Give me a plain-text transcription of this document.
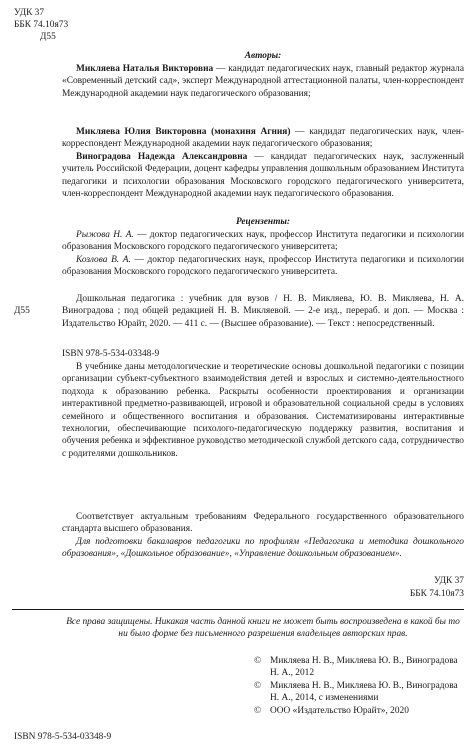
УДК 37
ББК 74.10я73
Д55
Авторы:
Микляева Наталья Викторовна — кандидат педагогических наук, главный редактор журнала «Современный детский сад», эксперт Международной аттестационной палаты, член-корреспондент Международной академии наук педагогического образования;
Микляева Юлия Викторовна (монахиня Агния) — кандидат педагогических наук, член-корреспондент Международной академии наук педагогического образования;
Виноградова Надежда Александровна — кандидат педагогических наук, заслуженный учитель Российской Федерации, доцент кафедры управления дошкольным образованием Института педагогики и психологии образования Московского городского педагогического университета, член-корреспондент Международной академии наук педагогического образования.
Рецензенты:
Рыжова Н. А. — доктор педагогических наук, профессор Института педагогики и психологии образования Московского городского педагогического университета;
Козлова В. А. — доктор педагогических наук, профессор Института педагогики и психологии образования Московского городского педагогического университета.
Д55
Дошкольная педагогика : учебник для вузов / Н. В. Микляева, Ю. В. Микляева, Н. А. Виноградова ; под общей редакцией Н. В. Микляевой. — 2-е изд., перераб. и доп. — Москва : Издательство Юрайт, 2020. — 411 с. — (Высшее образование). — Текст : непосредственный.
ISBN 978-5-534-03348-9
В учебнике даны методологические и теоретические основы дошкольной педагогики с позиции организации субъект-субъектного взаимодействия детей и взрослых и системно-деятельностного подхода к образованию ребенка. Раскрыты особенности проектирования и организации интерактивной предметно-развивающей, игровой и образовательной социальной среды в условиях семейного и общественного воспитания и образования. Систематизированы интерактивные технологии, обеспечивающие психолого-педагогическую поддержку развития, воспитания и обучения ребенка и эффективное руководство методической службой детского сада, сотрудничество с родителями дошкольников.
Соответствует актуальным требованиям Федерального государственного образовательного стандарта высшего образования.
Для подготовки бакалавров педагогики по профилям «Педагогика и методика дошкольного образования», «Дошкольное образование», «Управление дошкольным образованием».
УДК 37
ББК 74.10я73
Все права защищены. Никакая часть данной книги не может быть воспроизведена в какой бы то ни было форме без письменного разрешения владельцев авторских прав.
© Микляева Н. В., Микляева Ю. В., Виноградова Н. А., 2012
© Микляева Н. В., Микляева Ю. В., Виноградова Н. А., 2014, с изменениями
© ООО «Издательство Юрайт», 2020
ISBN 978-5-534-03348-9
